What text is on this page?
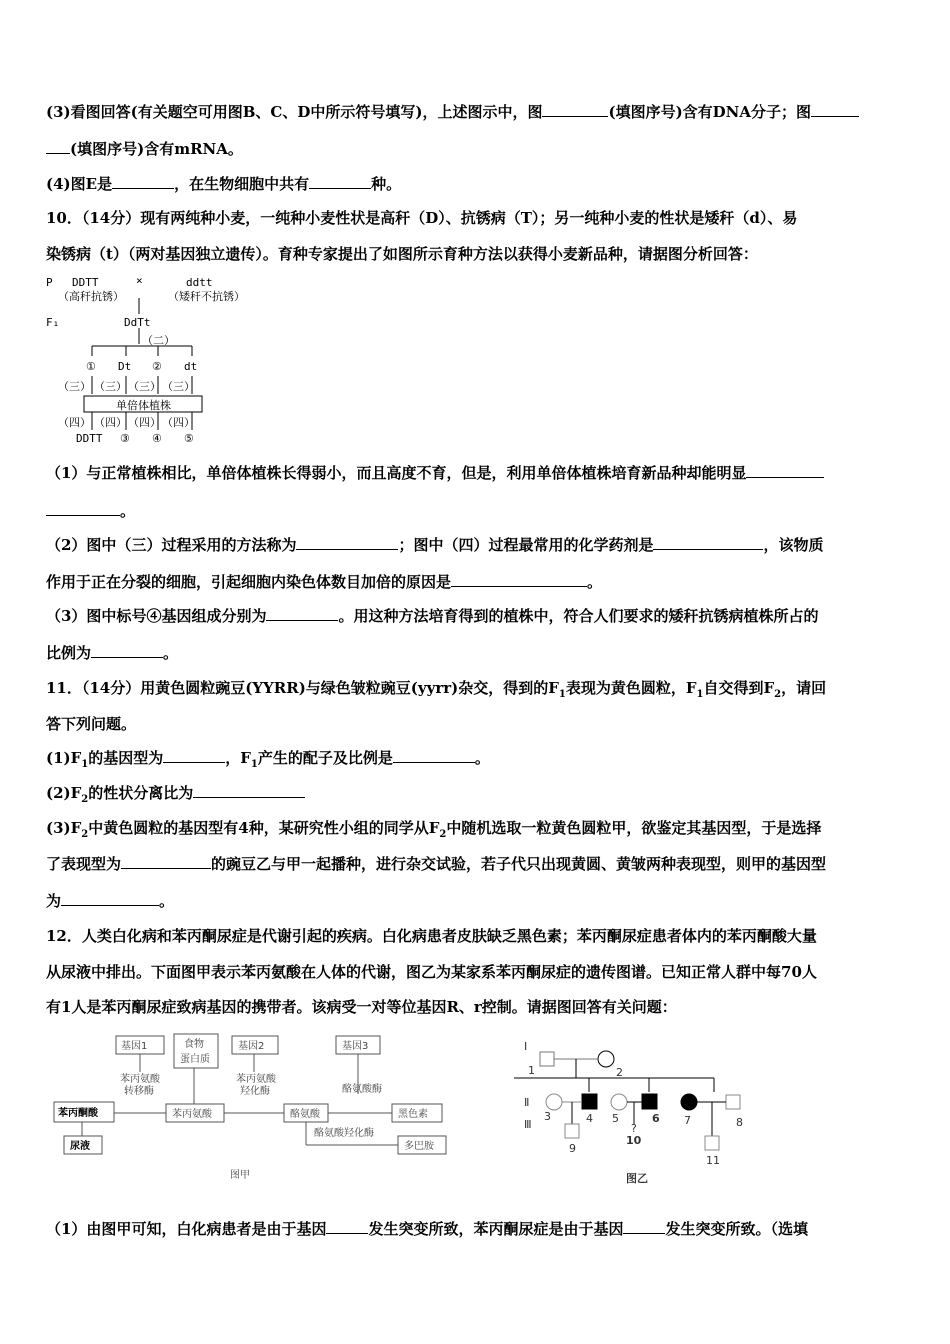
(3)看图回答(有关题空可用图B、C、D中所示符号填写)，上述图示中，图	(填图序号)含有DNA分子；图
(填图序号)含有mRNA。
(4)图E是	，在生物细胞中共有	种。
10．（14分）现有两纯种小麦，一纯种小麦性状是高秆（D）、抗锈病（T）；另一纯种小麦的性状是矮秆（d）、易
染锈病（t）（两对基因独立遗传）。育种专家提出了如图所示育种方法以获得小麦新品种，请据图分析回答：
P DDTT	×	ddtt
（高秆抗锈）	（矮秆不抗锈）
F₁	DdTt
（二）
① Dt ② dt
（三） （三） （三） （三）
单倍体植株
（四） （四） （四） （四）
DDTT ③ ④ ⑤
（1）与正常植株相比，单倍体植株长得弱小，而且高度不育，但是，利用单倍体植株培育新品种却能明显
。
（2）图中（三）过程采用的方法称为	；图中（四）过程最常用的化学药剂是	，该物质
作用于正在分裂的细胞，引起细胞内染色体数目加倍的原因是	。
（3）图中标号④基因组成分别为	。用这种方法培育得到的植株中，符合人们要求的矮秆抗锈病植株所占的
比例为	。
11．（14分）用黄色圆粒豌豆(YYRR)与绿色皱粒豌豆(yyrr)杂交，得到的$F_1$表现为黄色圆粒，$F_1$自交得到$F_2$，请回
答下列问题。
$(1)F_1$的基因型为	，$F_1$产生的配子及比例是	。
$(2)F_2$的性状分离比为
$(3)F_2$中黄色圆粒的基因型有4种，某研究性小组的同学从$F_2$中随机选取一粒黄色圆粒甲，欲鉴定其基因型，于是选择
了表现型为	的豌豆乙与甲一起播种，进行杂交试验，若子代只出现黄圆、黄皱两种表现型，则甲的基因型
为	。
12．人类白化病和苯丙酮尿症是代谢引起的疾病。白化病患者皮肤缺乏黑色素；苯丙酮尿症患者体内的苯丙酮酸大量
从尿液中排出。下面图甲表示苯丙氨酸在人体的代谢，图乙为某家系苯丙酮尿症的遗传图谱。已知正常人群中每70人
有1人是苯丙酮尿症致病基因的携带者。该病受一对等位基因R、r控制。请据图回答有关问题：
基因1	食物
蛋白质
基因2	基因3
苯丙氨酸
转移酶
苯丙酮酸	苯丙氨酸
苯丙氨酸
羟化酶
酪氨酸
酪氨酸酶
黑色素
尿液
酪氨酸羟化酶
多巴胺
图甲
Ⅰ
Ⅱ
Ⅲ
1	2
3	4 5	6 7	8
9
?
10
11
图乙
（1）由图甲可知，白化病患者是由于基因	发生突变所致，苯丙酮尿症是由于基因	发生突变所致。（选填
